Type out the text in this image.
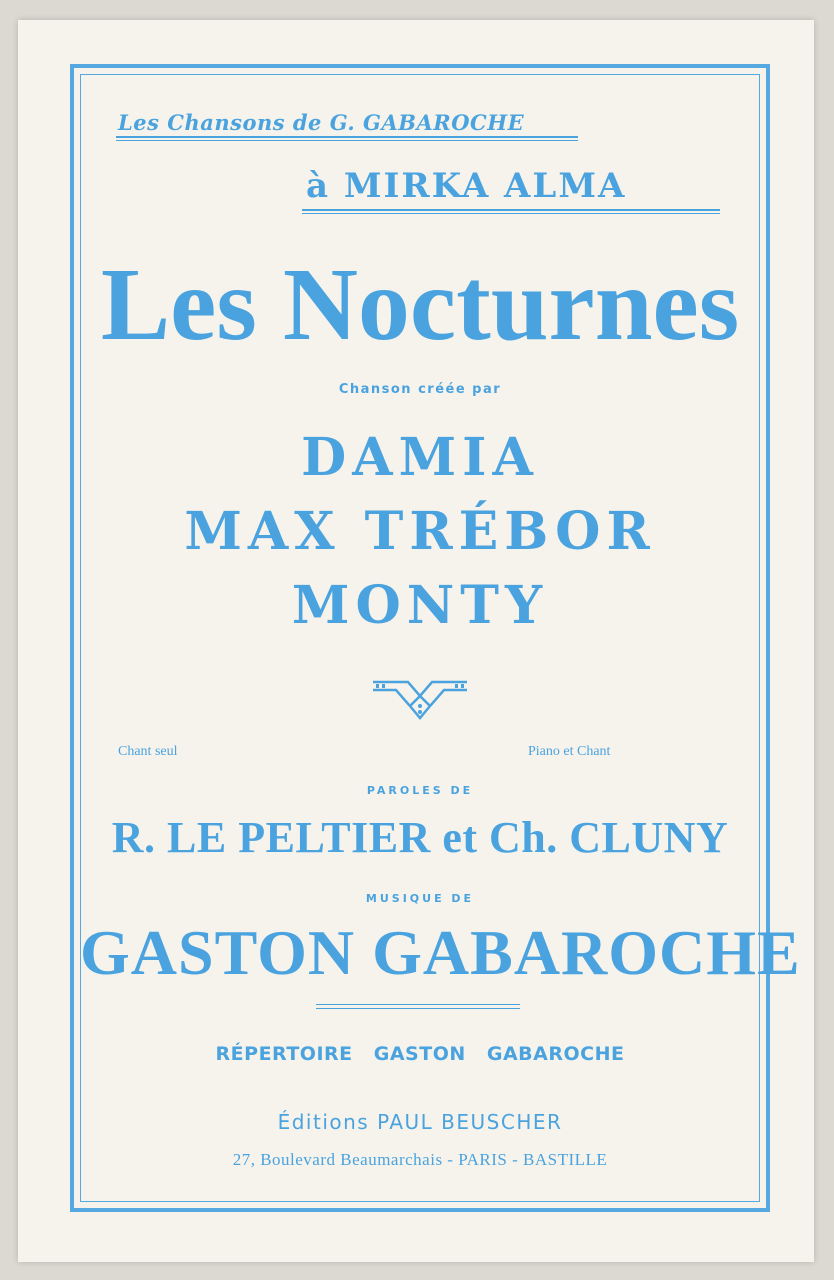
Les Chansons de G. GABAROCHE
à MIRKA ALMA
Les Nocturnes
Chanson créée par
DAMIA
MAX TRÉBOR
MONTY
Chant seul	Piano et Chant
PAROLES DE
R. LE PELTIER et Ch. CLUNY
MUSIQUE DE
GASTON GABAROCHE
RÉPERTOIRE GASTON GABAROCHE
Éditions PAUL BEUSCHER
27, Boulevard Beaumarchais - PARIS - BASTILLE
